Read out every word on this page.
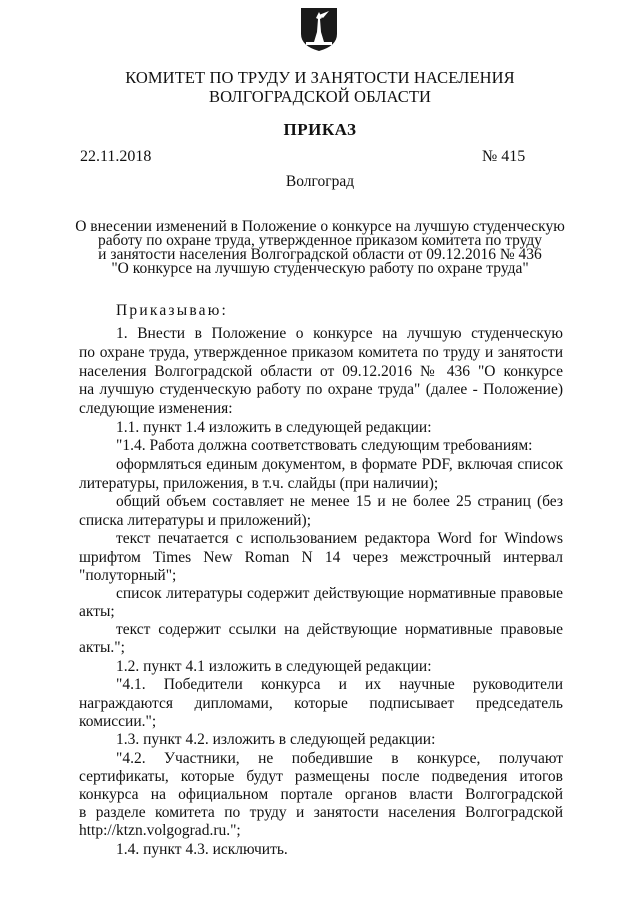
КОМИТЕТ ПО ТРУДУ И ЗАНЯТОСТИ НАСЕЛЕНИЯ
ВОЛГОГРАДСКОЙ ОБЛАСТИ
ПРИКАЗ
22.11.2018	№ 415
Волгоград
О внесении изменений в Положение о конкурсе на лучшую студенческую
работу по охране труда, утвержденное приказом комитета по труду
и занятости населения Волгоградской области от 09.12.2016 № 436
"О конкурсе на лучшую студенческую работу по охране труда"
Приказываю:
1. Внести в Положение о конкурсе на лучшую студенческую
по охране труда, утвержденное приказом комитета по труду и занятости
населения Волгоградской области от 09.12.2016 № 436 "О конкурсе
на лучшую студенческую работу по охране труда" (далее - Положение)
следующие изменения:
1.1. пункт 1.4 изложить в следующей редакции:
"1.4. Работа должна соответствовать следующим требованиям:
оформляться единым документом, в формате PDF, включая список
литературы, приложения, в т.ч. слайды (при наличии);
общий объем составляет не менее 15 и не более 25 страниц (без
списка литературы и приложений);
текст печатается с использованием редактора Word for Windows
шрифтом Times New Roman N 14 через межстрочный интервал
"полуторный";
список литературы содержит действующие нормативные правовые
акты;
текст содержит ссылки на действующие нормативные правовые
акты.";
1.2. пункт 4.1 изложить в следующей редакции:
"4.1. Победители конкурса и их научные руководители
награждаются дипломами, которые подписывает председатель
комиссии.";
1.3. пункт 4.2. изложить в следующей редакции:
"4.2. Участники, не победившие в конкурсе, получают
сертификаты, которые будут размещены после подведения итогов
конкурса на официальном портале органов власти Волгоградской
в разделе комитета по труду и занятости населения Волгоградской
http://ktzn.volgograd.ru.";
1.4. пункт 4.3. исключить.
